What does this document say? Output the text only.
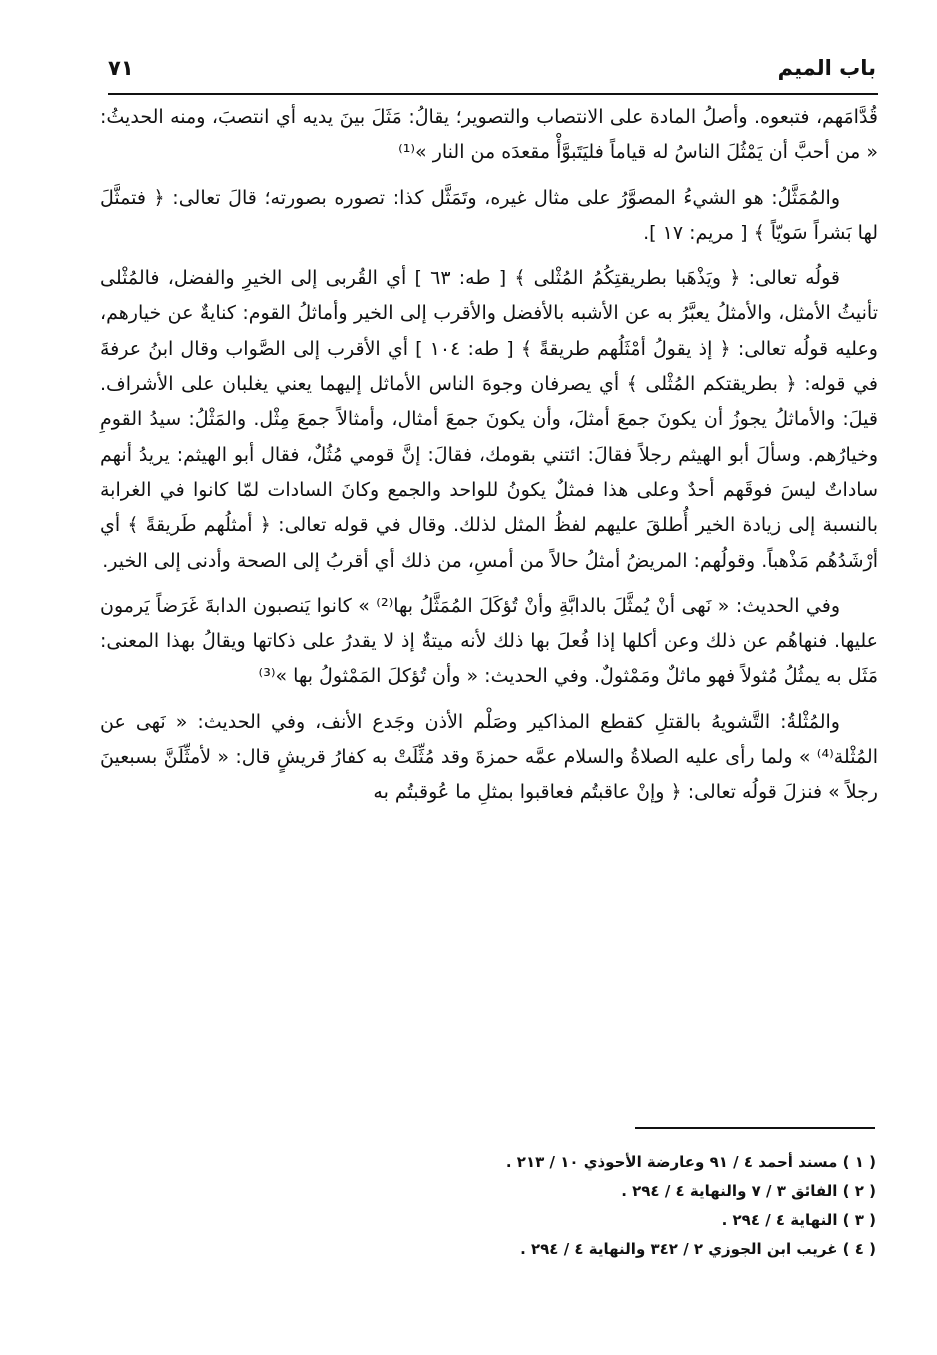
باب الميم
٧١

قُدَّامَهم، فتبعوه. وأصلُ المادة على الانتصاب والتصوير؛ يقالُ: مَثَلَ بينَ يديه أي انتصبَ، ومنه الحديثُ: « من أحبَّ أن يَمْثُلَ الناسُ له قياماً فليَتَبوَّأْ مقعدَه من النار »⁽¹⁾

والمُمَثَّلُ: هو الشيءُ المصوَّرُ على مثال غيره، وتَمَثَّل كذا: تصوره بصورته؛ قالَ تعالى: ﴿ فتمثَّلَ لها بَشراً سَويّاً ﴾ [ مريم: ١٧ ].

قولُه تعالى: ﴿ ويَذْهَبا بطريقتِكُمُ المُثْلى ﴾ [ طه: ٦٣ ] أي القُربى إلى الخيرِ والفضل، فالمُثْلى تأنيثُ الأمثل، والأمثلُ يعبَّرُ به عن الأشبه بالأفضل والأقرب إلى الخير وأماثلُ القوم: كنايةٌ عن خيارهم، وعليه قولُه تعالى: ﴿ إذ يقولُ أمْثَلُهم طريقةً ﴾ [ طه: ١٠٤ ] أي الأقرب إلى الصَّواب وقال ابنُ عرفةَ في قوله: ﴿ بطريقتكم المُثْلى ﴾ أي يصرفان وجوهَ الناس الأماثل إليهما يعني يغلبان على الأشراف. قيلَ: والأماثلُ يجوزُ أن يكونَ جمعَ أمثلَ، وأن يكونَ جمعَ أمثال، وأمثالاً جمعَ مِثْل. والمَثْلُ: سيدُ القومِ وخيارُهم. وسألَ أبو الهيثم رجلاً فقالَ: ائتني بقومك، فقالَ: إنَّ قومي مُثُلٌ، فقال أبو الهيثم: يريدُ أنهم ساداتٌ ليسَ فوقَهم أحدٌ وعلى هذا فمثلٌ يكونُ للواحد والجمع وكانَ السادات لمّا كانوا في الغرابة بالنسبة إلى زيادة الخير أُطلقَ عليهم لفظُ المثل لذلك. وقال في قوله تعالى: ﴿ أمثلُهم طَريقةً ﴾ أي أرْشَدُهُم مَذْهباً. وقولُهم: المريضُ أمثلُ حالاً من أمسِ، من ذلك أي أقربُ إلى الصحة وأدنى إلى الخير.

وفي الحديث: « نَهى أنْ يُمثَّلَ بالدابَّةِ وأنْ تُؤكَلَ المُمَثَّلُ بها⁽²⁾ » كانوا يَنصبون الدابةَ غَرَضاً يَرمون عليها. فنهاهُم عن ذلك وعن أكلها إذا فُعلَ بها ذلك لأنه ميتةٌ إذ لا يقدرُ على ذكاتها ويقالُ بهذا المعنى: مَثَل به يمثُلُ مُثولاً فهو ماثلٌ ومَمْثولٌ. وفي الحديث: « وأن تُؤكلَ المَمْثولُ بها »⁽³⁾

والمُثْلةُ: التَّشويهُ بالقتلِ كقطع المذاكير وصَلْم الأذن وجَدع الأنف، وفي الحديث: « نَهى عن المُثْلة⁽⁴⁾ » ولما رأى عليه الصلاةُ والسلام عمَّه حمزةَ وقد مُثِّلَتْ به كفارُ قريشٍ قال: « لأمثِّلَنَّ بسبعينَ رجلاً » فنزلَ قولُه تعالى: ﴿ وإنْ عاقبتُم فعاقبوا بمثلِ ما عُوقبتُم به

( ١ ) مسند أحمد ٤ / ٩١ وعارضة الأحوذي ١٠ / ٢١٣ .
( ٢ ) الفائق ٣ / ٧ والنهاية ٤ / ٢٩٤ .
( ٣ ) النهاية ٤ / ٢٩٤ .
( ٤ ) غريب ابن الجوزي ٢ / ٣٤٢ والنهاية ٤ / ٢٩٤ .
